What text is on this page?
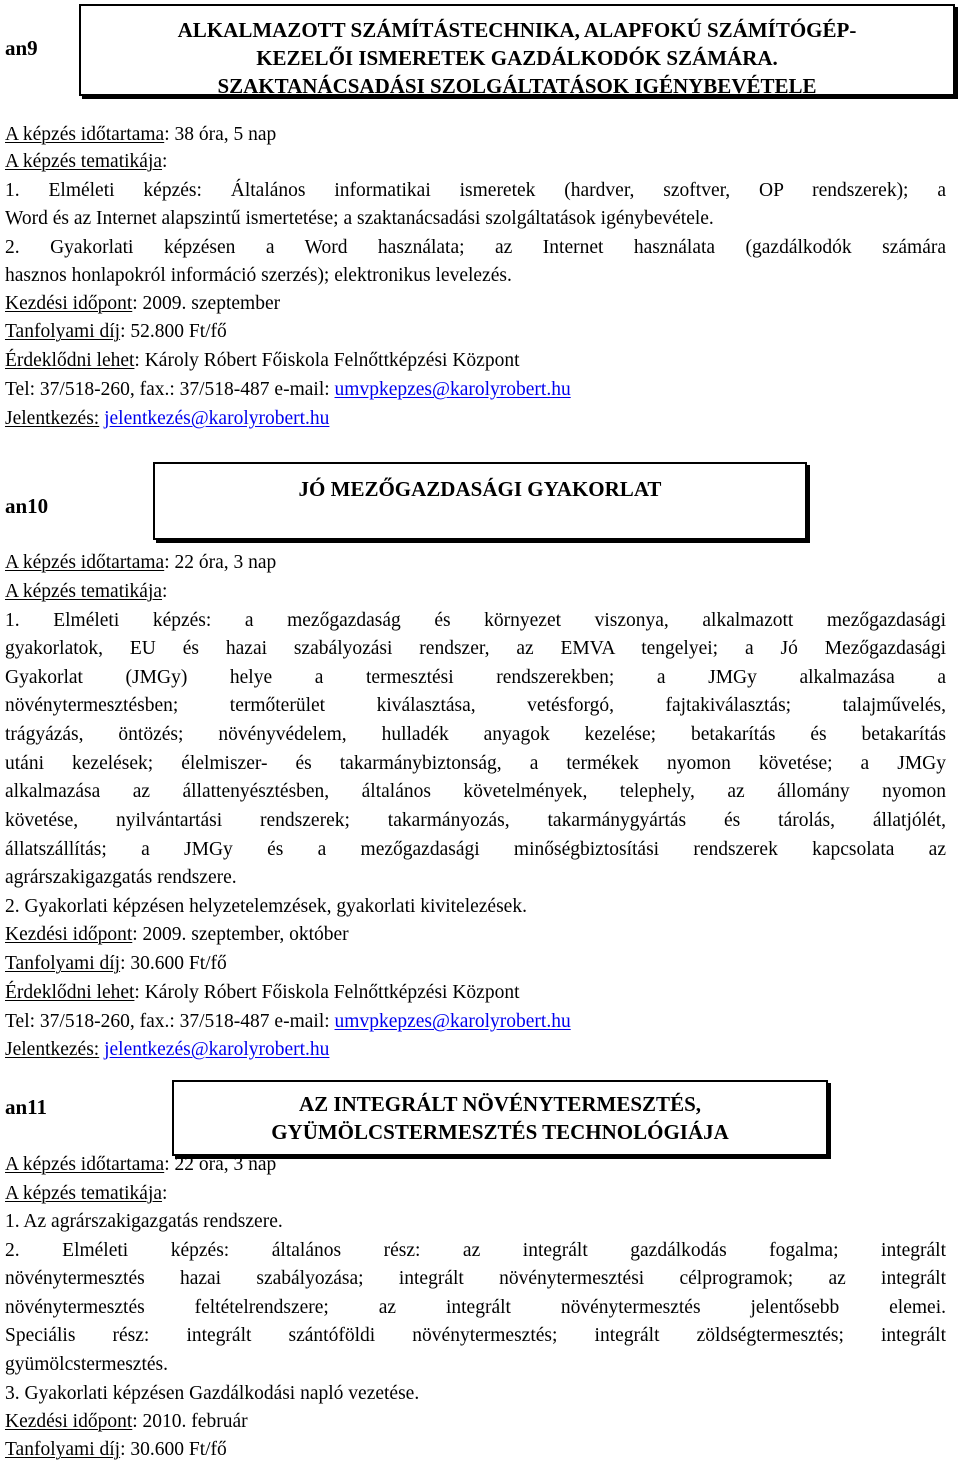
an9
ALKALMAZOTT SZÁMÍTÁSTECHNIKA, ALAPFOKÚ SZÁMÍTÓGÉP-
KEZELŐI ISMERETEK GAZDÁLKODÓK SZÁMÁRA.
SZAKTANÁCSADÁSI SZOLGÁLTATÁSOK IGÉNYBEVÉTELE
A képzés időtartama: 38 óra, 5 nap
A képzés tematikája:
1. Elméleti képzés: Általános informatikai ismeretek (hardver, szoftver, OP rendszerek); a
Word és az Internet alapszintű ismertetése; a szaktanácsadási szolgáltatások igénybevétele.
2. Gyakorlati képzésen a Word használata; az Internet használata (gazdálkodók számára
hasznos honlapokról információ szerzés); elektronikus levelezés.
Kezdési időpont: 2009. szeptember
Tanfolyami díj: 52.800 Ft/fő
Érdeklődni lehet: Károly Róbert Főiskola Felnőttképzési Központ
Tel: 37/518-260, fax.: 37/518-487 e-mail: umvpkepzes@karolyrobert.hu
Jelentkezés: jelentkezés@karolyrobert.hu
an10
JÓ MEZŐGAZDASÁGI GYAKORLAT
A képzés időtartama: 22 óra, 3 nap
A képzés tematikája:
1. Elméleti képzés: a mezőgazdaság és környezet viszonya, alkalmazott mezőgazdasági
gyakorlatok, EU és hazai szabályozási rendszer, az EMVA tengelyei; a Jó Mezőgazdasági
Gyakorlat (JMGy) helye a termesztési rendszerekben; a JMGy alkalmazása a
növénytermesztésben; termőterület kiválasztása, vetésforgó, fajtakiválasztás; talajművelés,
trágyázás, öntözés; növényvédelem, hulladék anyagok kezelése; betakarítás és betakarítás
utáni kezelések; élelmiszer- és takarmánybiztonság, a termékek nyomon követése; a JMGy
alkalmazása az állattenyésztésben, általános követelmények, telephely, az állomány nyomon
követése, nyilvántartási rendszerek; takarmányozás, takarmánygyártás és tárolás, állatjólét,
állatszállítás; a JMGy és a mezőgazdasági minőségbiztosítási rendszerek kapcsolata az
agrárszakigazgatás rendszere.
2. Gyakorlati képzésen helyzetelemzések, gyakorlati kivitelezések.
Kezdési időpont: 2009. szeptember, október
Tanfolyami díj: 30.600 Ft/fő
Érdeklődni lehet: Károly Róbert Főiskola Felnőttképzési Központ
Tel: 37/518-260, fax.: 37/518-487 e-mail: umvpkepzes@karolyrobert.hu
Jelentkezés: jelentkezés@karolyrobert.hu
an11	AZ INTEGRÁLT NÖVÉNYTERMESZTÉS,
GYÜMÖLCSTERMESZTÉS TECHNOLÓGIÁJA
A képzés időtartama: 22 óra, 3 nap
A képzés tematikája:
1. Az agrárszakigazgatás rendszere.
2. Elméleti képzés: általános rész: az integrált gazdálkodás fogalma; integrált
növénytermesztés hazai szabályozása; integrált növénytermesztési célprogramok; az integrált
növénytermesztés feltételrendszere; az integrált növénytermesztés jelentősebb elemei.
Speciális rész: integrált szántóföldi növénytermesztés; integrált zöldségtermesztés; integrált
gyümölcstermesztés.
3. Gyakorlati képzésen Gazdálkodási napló vezetése.
Kezdési időpont: 2010. február
Tanfolyami díj: 30.600 Ft/fő
